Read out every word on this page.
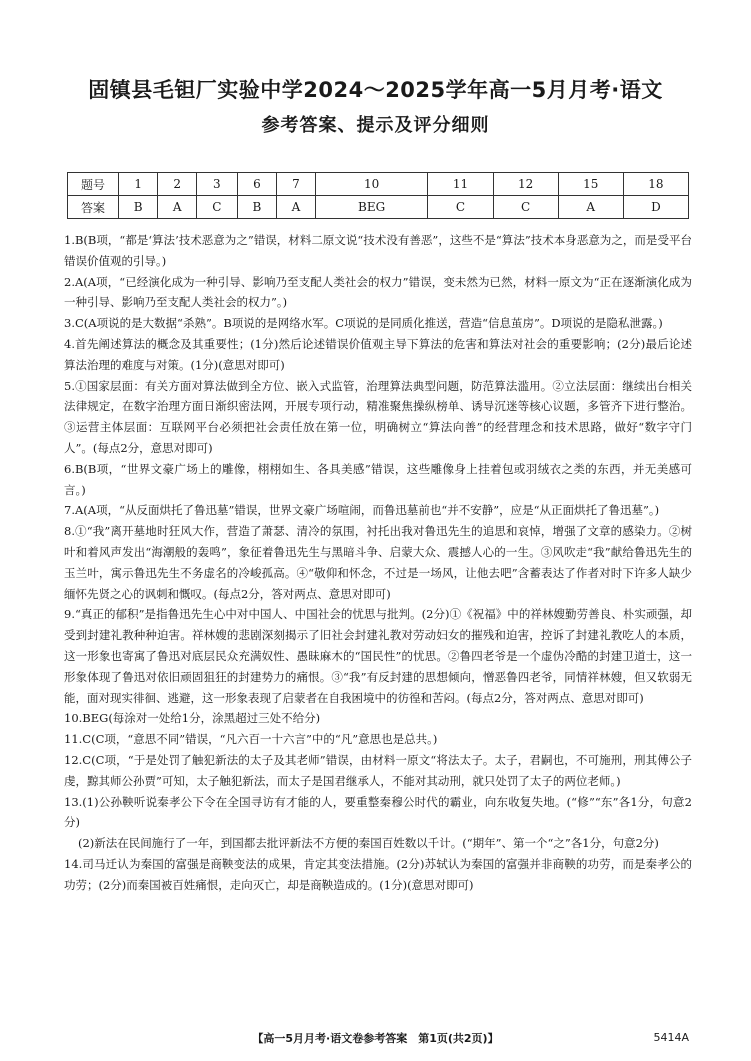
固镇县毛钽厂实验中学2024～2025学年高一5月月考·语文
参考答案、提示及评分细则
题号	1	2	3	6	7	10	11	12	15	18
答案	B	A	C	B	A	BEG	C	C	A	D

1.B(B项，“都是‘算法’技术恶意为之”错误，材料二原文说“技术没有善恶”，这些不是“算法”技术本身恶意为之，而是受平台错误价值观的引导。)

2.A(A项，“已经演化成为一种引导、影响乃至支配人类社会的权力”错误，变未然为已然，材料一原文为“正在逐渐演化成为一种引导、影响乃至支配人类社会的权力”。)

3.C(A项说的是大数据“杀熟”。B项说的是网络水军。C项说的是同质化推送，营造“信息茧房”。D项说的是隐私泄露。)

4.首先阐述算法的概念及其重要性；(1分)然后论述错误价值观主导下算法的危害和算法对社会的重要影响；(2分)最后论述算法治理的难度与对策。(1分)(意思对即可)

5.①国家层面：有关方面对算法做到全方位、嵌入式监管，治理算法典型问题，防范算法滥用。②立法层面：继续出台相关法律规定，在数字治理方面日渐织密法网，开展专项行动，精准聚焦操纵榜单、诱导沉迷等核心议题，多管齐下进行整治。③运营主体层面：互联网平台必须把社会责任放在第一位，明确树立“算法向善”的经营理念和技术思路，做好“数字守门人”。(每点2分，意思对即可)

6.B(B项，“世界文豪广场上的雕像，栩栩如生、各具美感”错误，这些雕像身上挂着包或羽绒衣之类的东西，并无美感可言。)

7.A(A项，“从反面烘托了鲁迅墓”错误，世界文豪广场喧闹，而鲁迅墓前也“并不安静”，应是“从正面烘托了鲁迅墓”。)

8.①“我”离开墓地时狂风大作，营造了萧瑟、清冷的氛围，衬托出我对鲁迅先生的追思和哀悼，增强了文章的感染力。②树叶和着风声发出“海潮般的轰鸣”，象征着鲁迅先生与黑暗斗争、启蒙大众、震撼人心的一生。③风吹走“我”献给鲁迅先生的玉兰叶，寓示鲁迅先生不务虚名的冷峻孤高。④“敬仰和怀念，不过是一场风，让他去吧”含蓄表达了作者对时下许多人缺少缅怀先贤之心的讽刺和慨叹。(每点2分，答对两点、意思对即可)

9.“真正的郁积”是指鲁迅先生心中对中国人、中国社会的忧思与批判。(2分)①《祝福》中的祥林嫂勤劳善良、朴实顽强，却受到封建礼教种种迫害。祥林嫂的悲剧深刻揭示了旧社会封建礼教对劳动妇女的摧残和迫害，控诉了封建礼教吃人的本质，这一形象也寄寓了鲁迅对底层民众充满奴性、愚昧麻木的“国民性”的忧思。②鲁四老爷是一个虚伪冷酷的封建卫道士，这一形象体现了鲁迅对依旧顽固狙狂的封建势力的痛恨。③“我”有反封建的思想倾向，憎恶鲁四老爷，同情祥林嫂，但又软弱无能，面对现实徘徊、逃避，这一形象表现了启蒙者在自我困境中的彷徨和苦闷。(每点2分，答对两点、意思对即可)

10.BEG(每涂对一处给1分，涂黑超过三处不给分)

11.C(C项，“意思不同”错误，“凡六百一十六言”中的“凡”意思也是总共。)

12.C(C项，“于是处罚了触犯新法的太子及其老师”错误，由材料一原文“将法太子。太子，君嗣也，不可施刑，刑其傅公子虔，黥其师公孙贾”可知，太子触犯新法，而太子是国君继承人，不能对其动刑，就只处罚了太子的两位老师。)

13.(1)公孙鞅听说秦孝公下令在全国寻访有才能的人，要重整秦穆公时代的霸业，向东收复失地。(“修”“东”各1分，句意2分)

(2)新法在民间施行了一年，到国都去批评新法不方便的秦国百姓数以千计。(“期年”、第一个“之”各1分，句意2分)

14.司马迁认为秦国的富强是商鞅变法的成果，肯定其变法措施。(2分)苏轼认为秦国的富强并非商鞅的功劳，而是秦孝公的功劳；(2分)而秦国被百姓痛恨，走向灭亡，却是商鞅造成的。(1分)(意思对即可)

【高一5月月考·语文卷参考答案　第1页(共2页)】	5414A
